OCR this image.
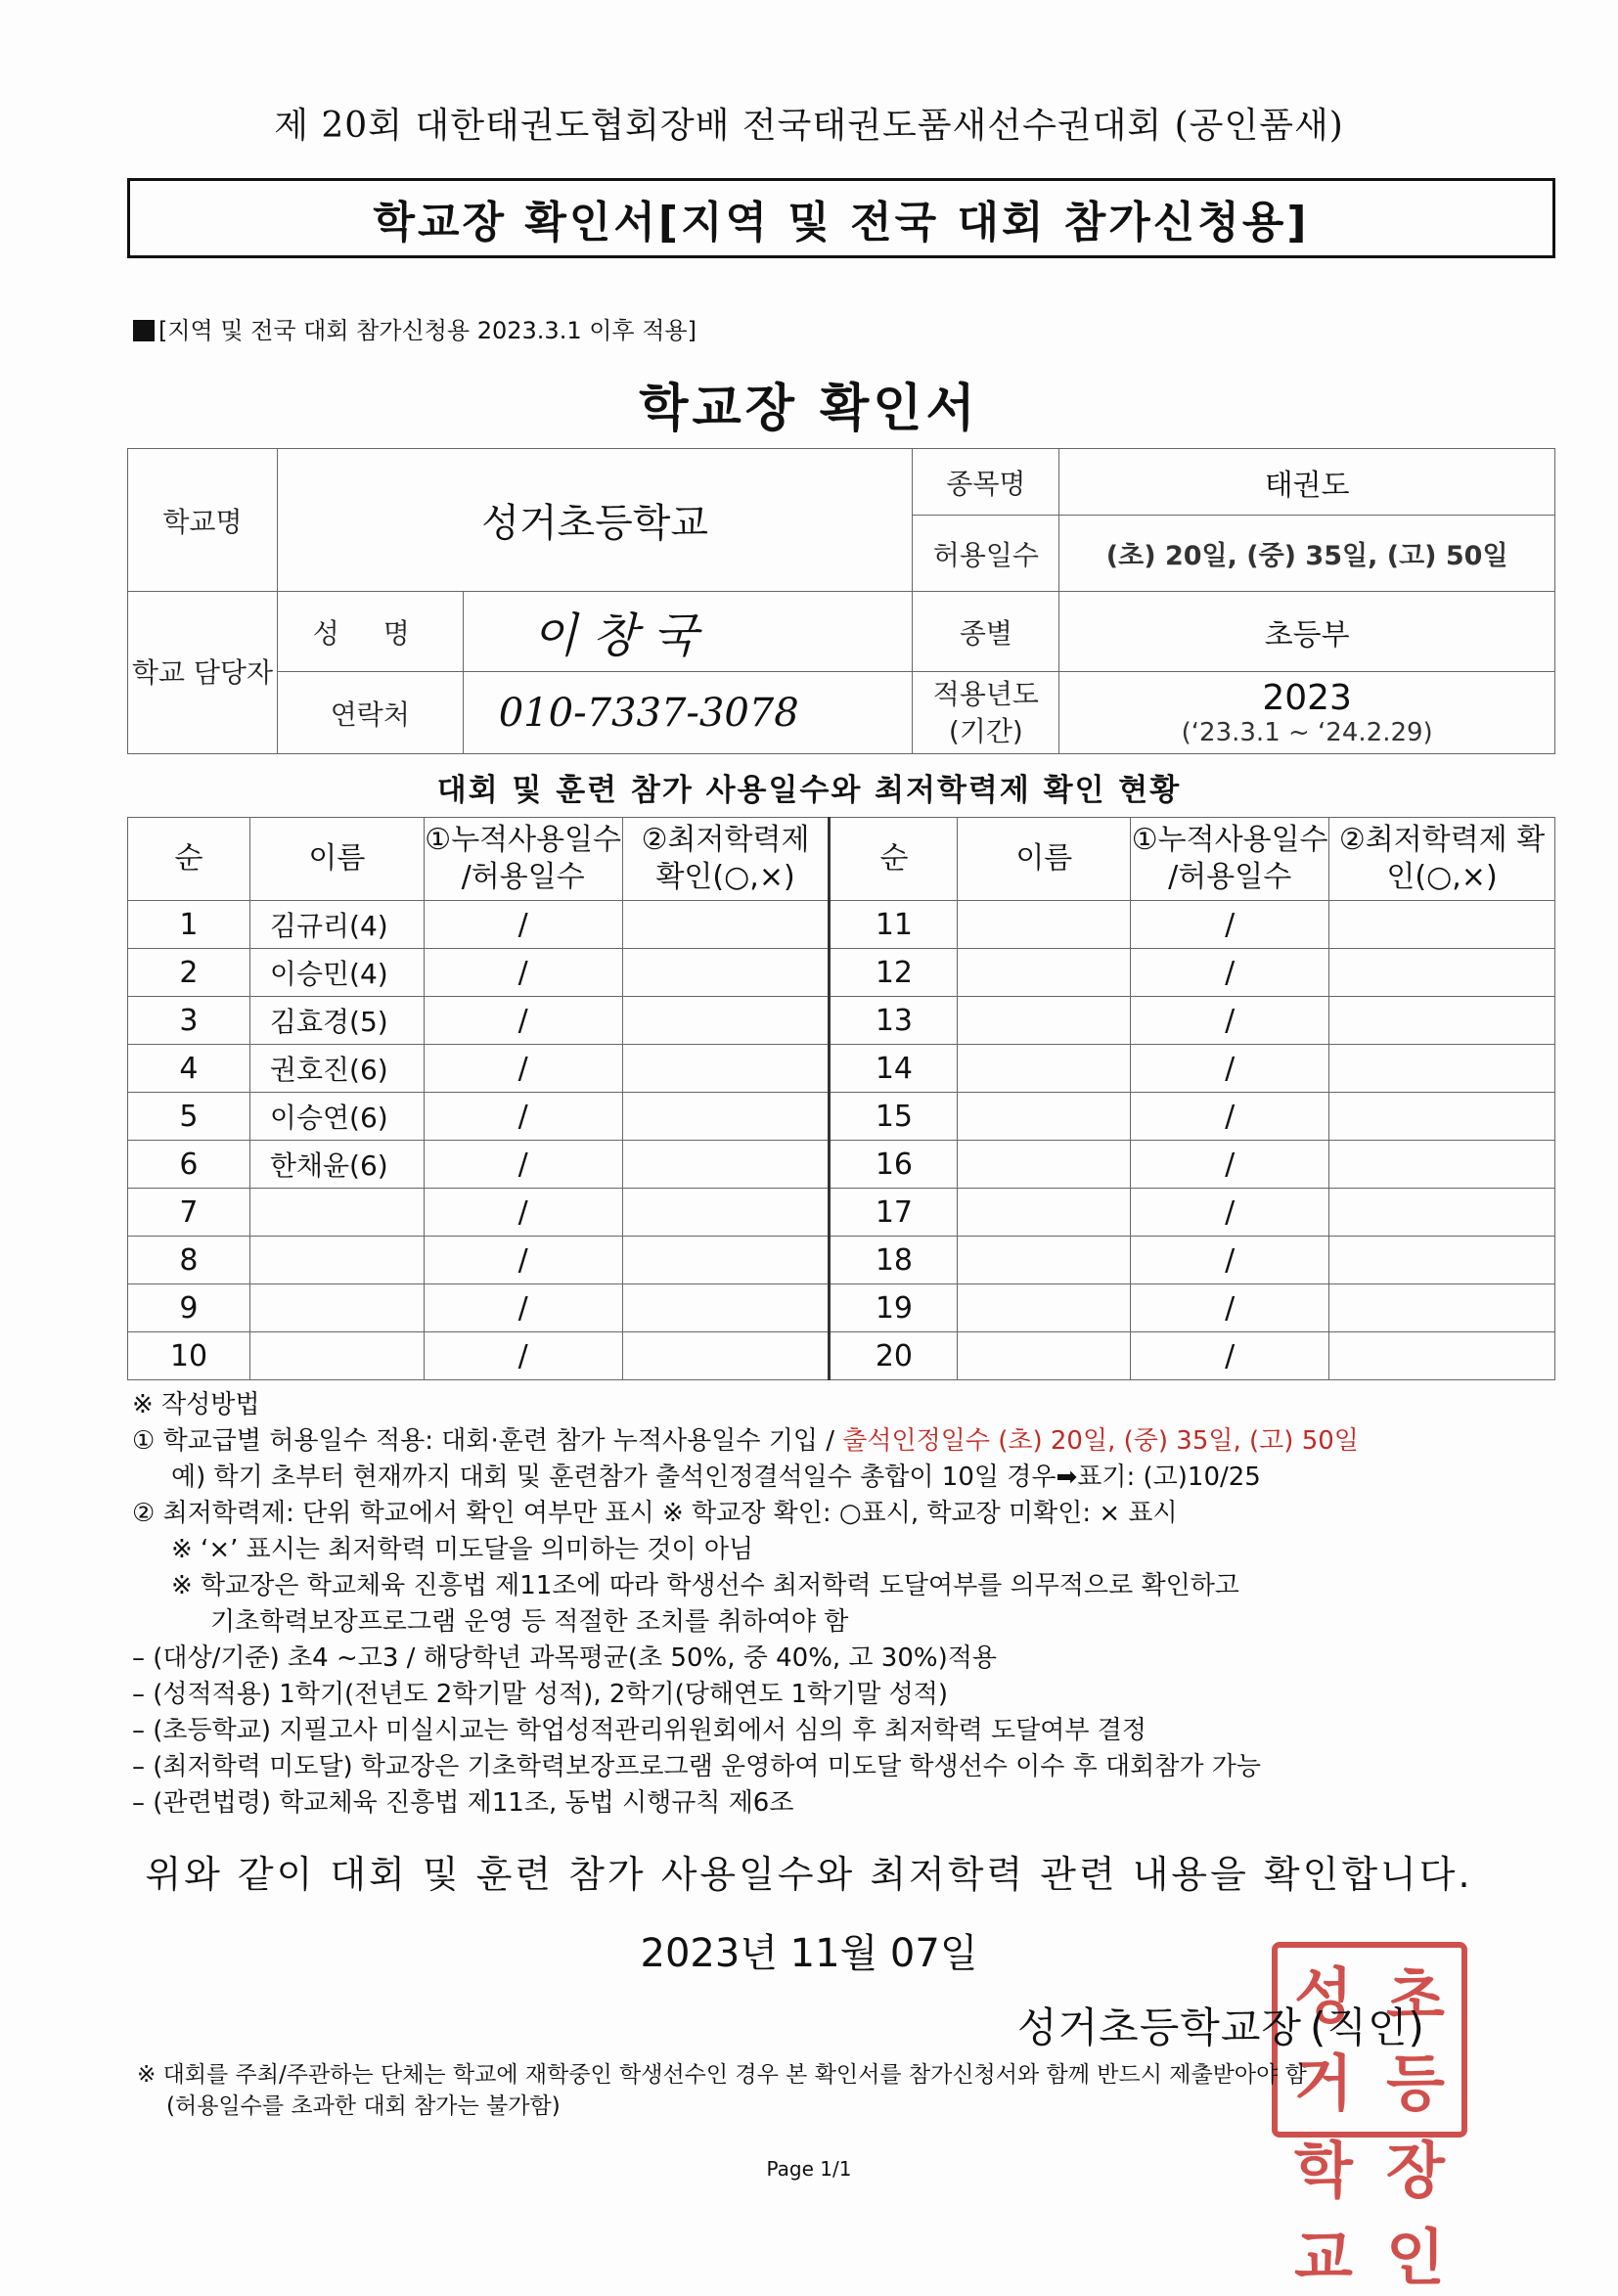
제 20회 대한태권도협회장배 전국태권도품새선수권대회 (공인품새)
학교장 확인서[지역 및 전국 대회 참가신청용]
[지역 및 전국 대회 참가신청용 2023.3.1 이후 적용]
학교장 확인서
학교명	성거초등학교		종목명	태권도
			허용일수	(초) 20일, (중) 35일, (고) 50일
학교 담당자	성 명	이 창 국	종별	초등부
	연락처	010-7337-3078	적용년도 (기간)	2023
(‘23.3.1 ~ ‘24.2.29)
대회 및 훈련 참가 사용일수와 최저학력제 확인 현황
순	이름	①누적사용일수 /허용일수	②최저학력제 확인(○,×)	순	이름	①누적사용일수 /허용일수	②최저학력제 확인(○,×)
1	김규리(4)	/		11		/	
2	이승민(4)	/		12		/	
3	김효경(5)	/		13		/	
4	권호진(6)	/		14		/	
5	이승연(6)	/		15		/	
6	한채윤(6)	/		16		/	
7		/		17		/	
8		/		18		/	
9		/		19		/	
10		/		20		/	
※ 작성방법
① 학교급별 허용일수 적용: 대회·훈련 참가 누적사용일수 기입 / 출석인정일수 (초) 20일, (중) 35일, (고) 50일
예) 학기 초부터 현재까지 대회 및 훈련참가 출석인정결석일수 총합이 10일 경우➡표기: (고)10/25
② 최저학력제: 단위 학교에서 확인 여부만 표시 ※ 학교장 확인: ○표시, 학교장 미확인: × 표시
※ ‘×’ 표시는 최저학력 미도달을 의미하는 것이 아님
※ 학교장은 학교체육 진흥법 제11조에 따라 학생선수 최저학력 도달여부를 의무적으로 확인하고
기초학력보장프로그램 운영 등 적절한 조치를 취하여야 함
– (대상/기준) 초4 ~고3 / 해당학년 과목평균(초 50%, 중 40%, 고 30%)적용
– (성적적용) 1학기(전년도 2학기말 성적), 2학기(당해연도 1학기말 성적)
– (초등학교) 지필고사 미실시교는 학업성적관리위원회에서 심의 후 최저학력 도달여부 결정
– (최저학력 미도달) 학교장은 기초학력보장프로그램 운영하여 미도달 학생선수 이수 후 대회참가 가능
– (관련법령) 학교체육 진흥법 제11조, 동법 시행규칙 제6조
위와 같이 대회 및 훈련 참가 사용일수와 최저학력 관련 내용을 확인합니다.
2023년 11월 07일
성거
초등
학교
장인
성거초등학교장 (직인)
※ 대회를 주최/주관하는 단체는 학교에 재학중인 학생선수인 경우 본 확인서를 참가신청서와 함께 반드시 제출받아야 함
(허용일수를 초과한 대회 참가는 불가함)
Page 1/1
